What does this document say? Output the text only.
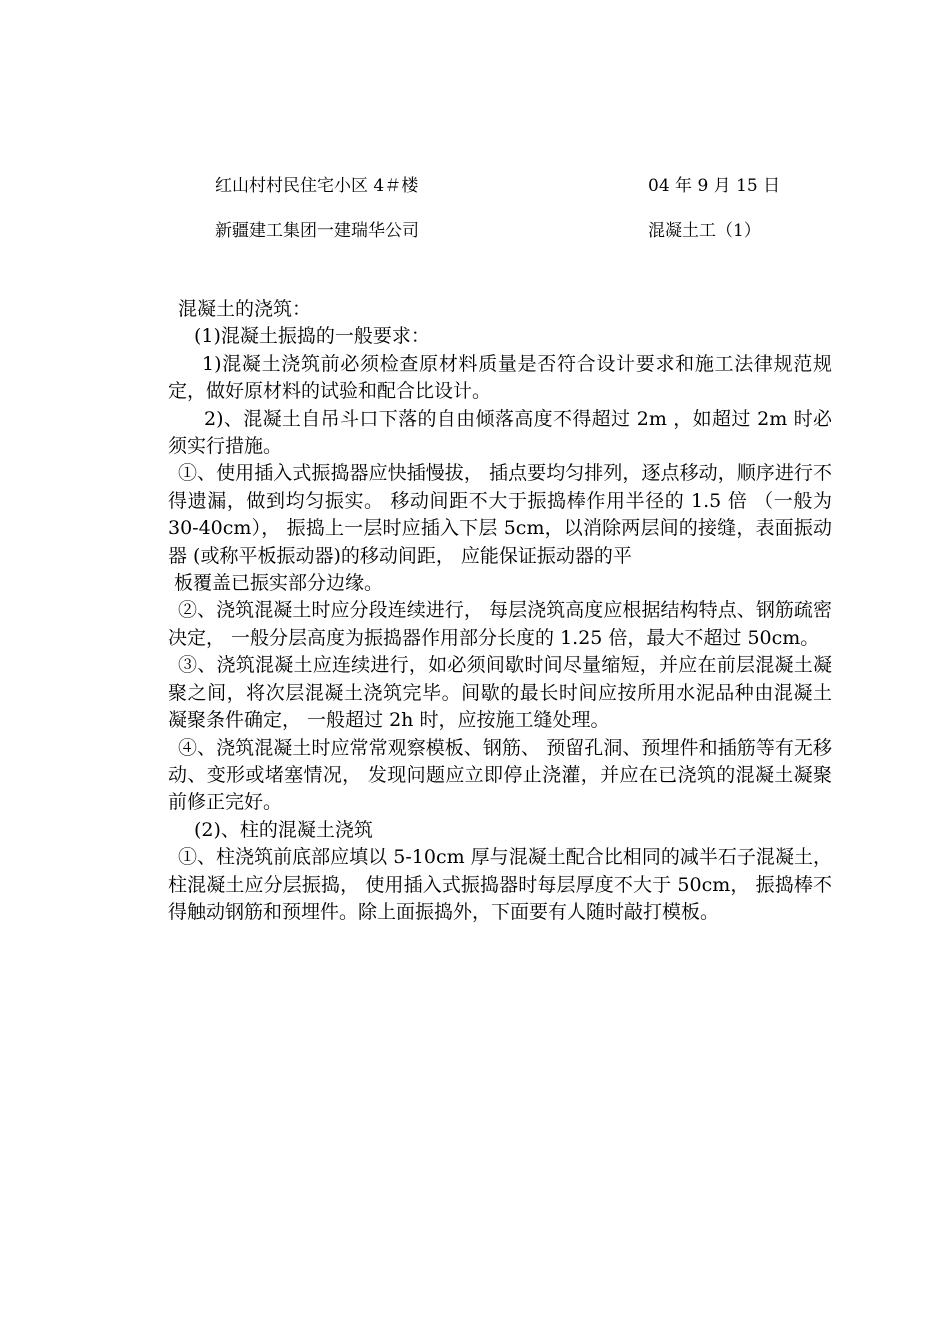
红山村村民住宅小区 4＃楼	04 年 9 月 15 日
新疆建工集团一建瑞华公司	混凝土工（1）

混凝土的浇筑：

(1)混凝土振捣的一般要求：

1)混凝土浇筑前必须检查原材料质量是否符合设计要求和施工法律规范规定，做好原材料的试验和配合比设计。

2)、混凝土自吊斗口下落的自由倾落高度不得超过 2m ，如超过 2m 时必须实行措施。

①、使用插入式振捣器应快插慢拔， 插点要均匀排列，逐点移动，顺序进行不得遗漏，做到均匀振实。 移动间距不大于振捣棒作用半径的 1.5 倍 （一般为 30-40cm）， 振捣上一层时应插入下层 5cm，以消除两层间的接缝，表面振动器 (或称平板振动器)的移动间距， 应能保证振动器的平

板覆盖已振实部分边缘。

②、浇筑混凝土时应分段连续进行， 每层浇筑高度应根据结构特点、钢筋疏密决定， 一般分层高度为振捣器作用部分长度的 1.25 倍，最大不超过 50cm。

③、浇筑混凝土应连续进行，如必须间歇时间尽量缩短，并应在前层混凝土凝聚之间，将次层混凝土浇筑完毕。间歇的最长时间应按所用水泥品种由混凝土凝聚条件确定， 一般超过 2h 时，应按施工缝处理。

④、浇筑混凝土时应常常观察模板、钢筋、 预留孔洞、预埋件和插筋等有无移动、变形或堵塞情况， 发现问题应立即停止浇灌，并应在已浇筑的混凝土凝聚前修正完好。

(2)、柱的混凝土浇筑

①、柱浇筑前底部应填以 5-10cm 厚与混凝土配合比相同的减半石子混凝土，柱混凝土应分层振捣， 使用插入式振捣器时每层厚度不大于 50cm， 振捣棒不得触动钢筋和预埋件。除上面振捣外，下面要有人随时敲打模板。
